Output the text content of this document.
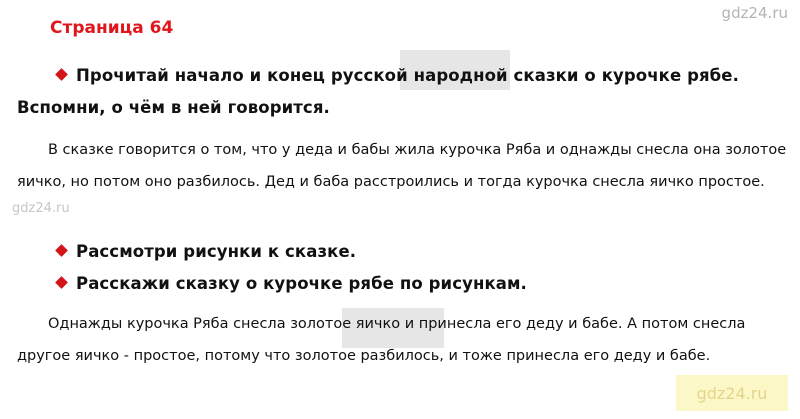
Страница 64
Прочитай начало и конец русской народной сказки о курочке рябе. Вспомни, о чём в ней говорится.
В сказке говорится о том, что у деда и бабы жила курочка Ряба и однажды снесла она золотое яичко, но потом оно разбилось. Дед и баба расстроились и тогда курочка снесла яичко простое.
Рассмотри рисунки к сказке.
Расскажи сказку о курочке рябе по рисункам.
Однажды курочка Ряба снесла золотое яичко и принесла его деду и бабе. А потом снесла другое яичко - простое, потому что золотое разбилось, и тоже принесла его деду и бабе.
gdz24.ru
gdz24.ru
gdz24.ru
